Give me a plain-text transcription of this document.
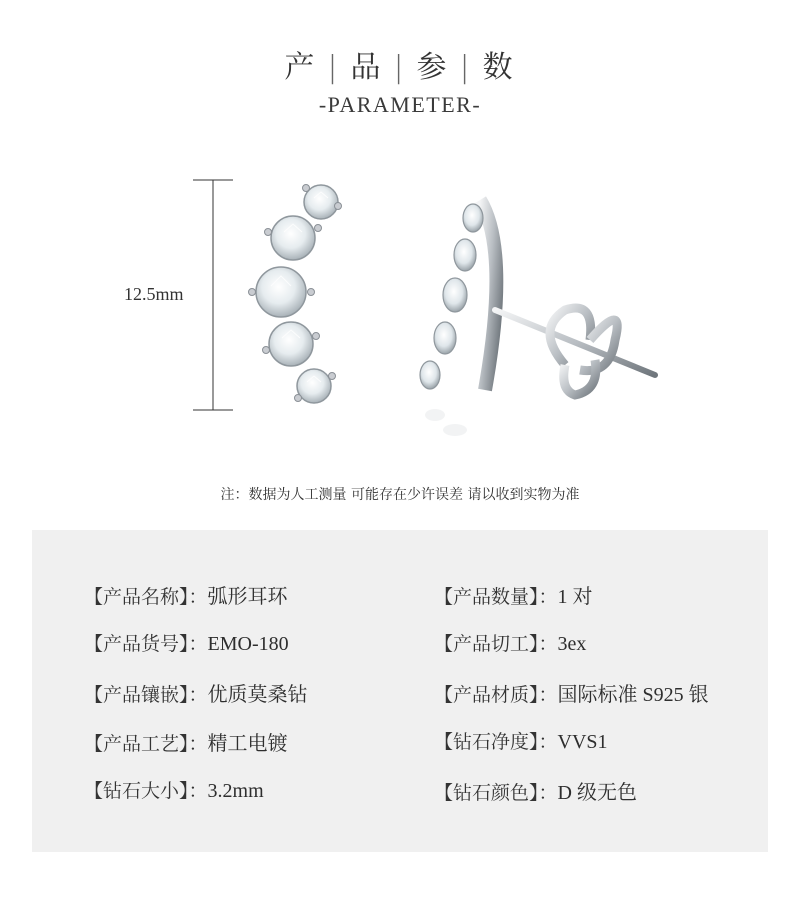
产 | 品 | 参 | 数
-PARAMETER-
12.5mm
注：数据为人工测量 可能存在少许误差 请以收到实物为准
【产品名称】：弧形耳环
【产品货号】：EMO-180
【产品镶嵌】：优质莫桑钻
【产品工艺】：精工电镀
【钻石大小】：3.2mm
【产品数量】：1 对
【产品切工】：3ex
【产品材质】：国际标准 S925 银
【钻石净度】：VVS1
【钻石颜色】：D 级无色
